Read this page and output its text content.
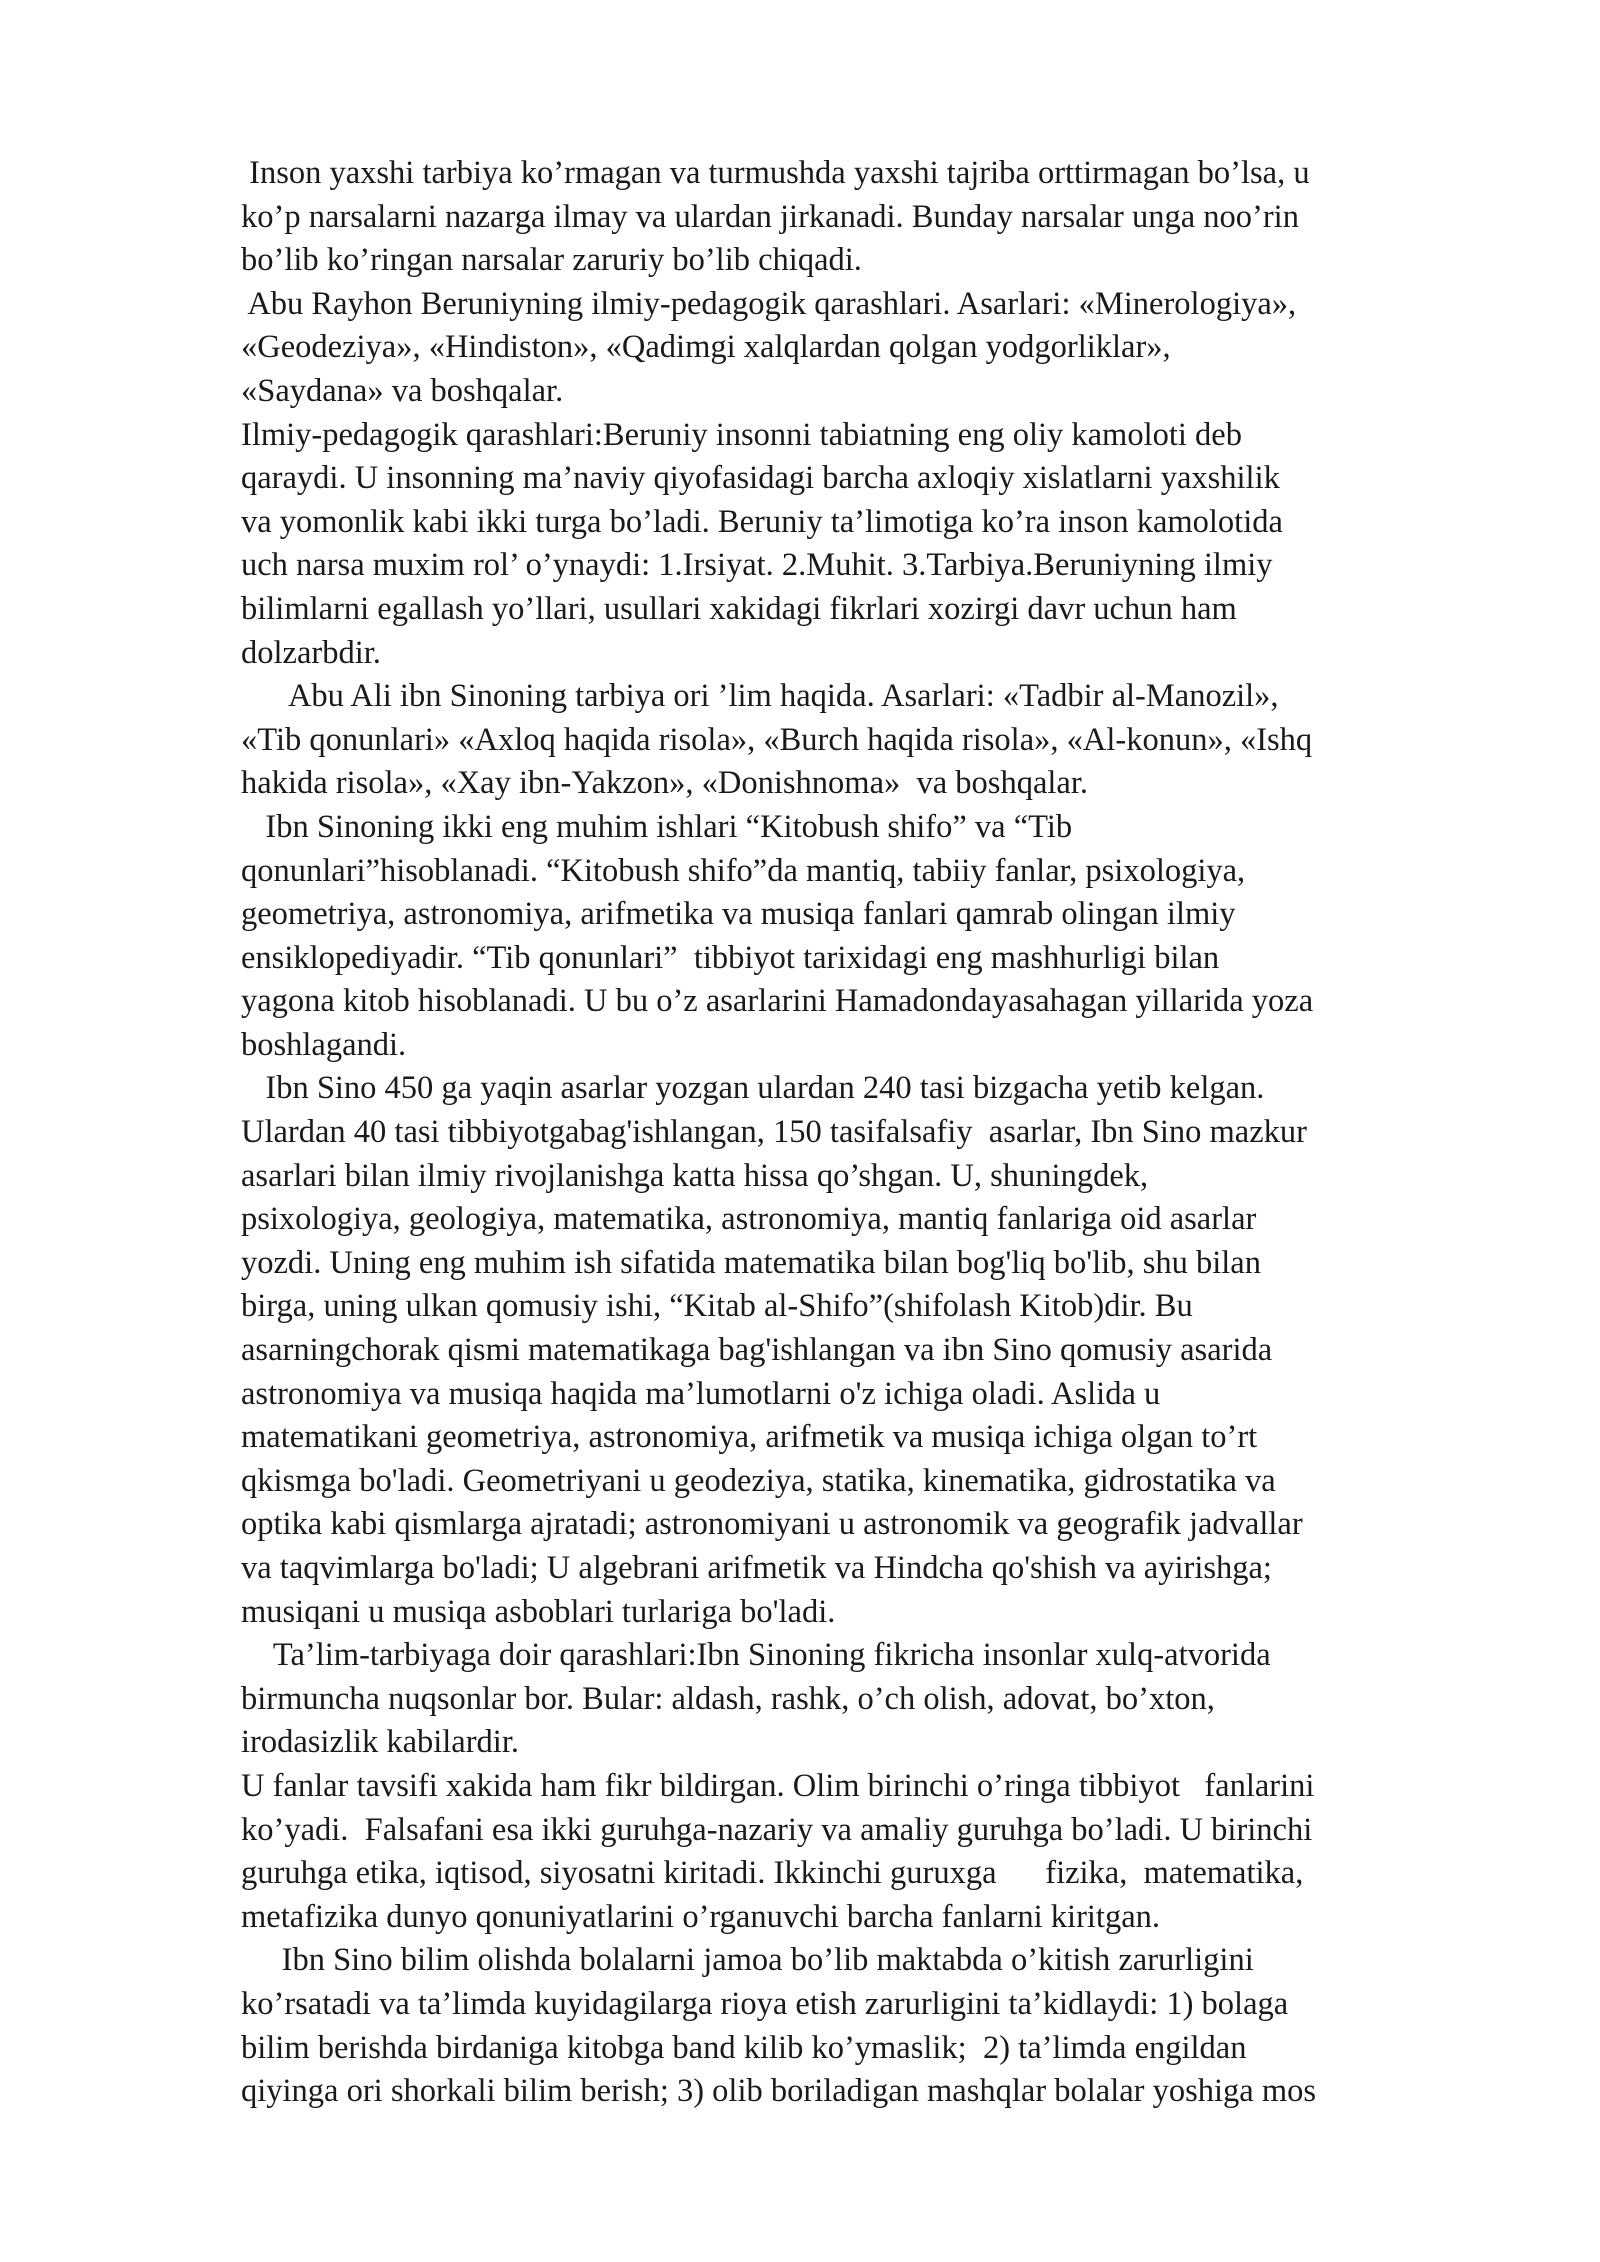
Inson yaxshi tarbiya ko’rmagan va turmushda yaxshi tajriba orttirmagan bo’lsa, u
ko’p narsalarni nazarga ilmay va ulardan jirkanadi. Bunday narsalar unga noo’rin
bo’lib ko’ringan narsalar zaruriy bo’lib chiqadi.
Abu Rayhon Beruniyning ilmiy-pedagogik qarashlari. Asarlari: «Minerologiya»,
«Geodeziya», «Hindiston», «Qadimgi xalqlardan qolgan yodgorliklar»,
«Saydana» va boshqalar.
Ilmiy-pedagogik qarashlari:Beruniy insonni tabiatning eng oliy kamoloti deb
qaraydi. U insonning ma’naviy qiyofasidagi barcha axloqiy xislatlarni yaxshilik
va yomonlik kabi ikki turga bo’ladi. Beruniy ta’limotiga ko’ra inson kamolotida
uch narsa muxim rol’ o’ynaydi: 1.Irsiyat. 2.Muhit. 3.Tarbiya.Beruniyning ilmiy
bilimlarni egallash yo’llari, usullari xakidagi fikrlari xozirgi davr uchun ham
dolzarbdir.
Abu Ali ibn Sinoning tarbiya ori ’lim haqida. Asarlari: «Tadbir al-Manozil»,
«Tib qonunlari» «Axloq haqida risola», «Burch haqida risola», «Al-konun», «Ishq
hakida risola», «Xay ibn-Yakzon», «Donishnoma»  va boshqalar.
Ibn Sinoning ikki eng muhim ishlari “Kitobush shifo” va “Tib
qonunlari”hisoblanadi. “Kitobush shifo”da mantiq, tabiiy fanlar, psixologiya,
geometriya, astronomiya, arifmetika va musiqa fanlari qamrab olingan ilmiy
ensiklopediyadir. “Tib qonunlari”  tibbiyot tarixidagi eng mashhurligi bilan
yagona kitob hisoblanadi. U bu o’z asarlarini Hamadondayasahagan yillarida yoza
boshlagandi.
Ibn Sino 450 ga yaqin asarlar yozgan ulardan 240 tasi bizgacha yetib kelgan.
Ulardan 40 tasi tibbiyotgabag'ishlangan, 150 tasifalsafiy  asarlar, Ibn Sino mazkur
asarlari bilan ilmiy rivojlanishga katta hissa qo’shgan. U, shuningdek,
psixologiya, geologiya, matematika, astronomiya, mantiq fanlariga oid asarlar
yozdi. Uning eng muhim ish sifatida matematika bilan bog'liq bo'lib, shu bilan
birga, uning ulkan qomusiy ishi, “Kitab al-Shifo”(shifolash Kitob)dir. Bu
asarningchorak qismi matematikaga bag'ishlangan va ibn Sino qomusiy asarida
astronomiya va musiqa haqida ma’lumotlarni o'z ichiga oladi. Aslida u
matematikani geometriya, astronomiya, arifmetik va musiqa ichiga olgan to’rt
qkismga bo'ladi. Geometriyani u geodeziya, statika, kinematika, gidrostatika va
optika kabi qismlarga ajratadi; astronomiyani u astronomik va geografik jadvallar
va taqvimlarga bo'ladi; U algebrani arifmetik va Hindcha qo'shish va ayirishga;
musiqani u musiqa asboblari turlariga bo'ladi.
Ta’lim-tarbiyaga doir qarashlari:Ibn Sinoning fikricha insonlar xulq-atvorida
birmuncha nuqsonlar bor. Bular: aldash, rashk, o’ch olish, adovat, bo’xton,
irodasizlik kabilardir.
U fanlar tavsifi xakida ham fikr bildirgan. Olim birinchi o’ringa tibbiyot   fanlarini
ko’yadi.  Falsafani esa ikki guruhga-nazariy va amaliy guruhga bo’ladi. U birinchi
guruhga etika, iqtisod, siyosatni kiritadi. Ikkinchi guruxga      fizika,  matematika,
metafizika dunyo qonuniyatlarini o’rganuvchi barcha fanlarni kiritgan.
Ibn Sino bilim olishda bolalarni jamoa bo’lib maktabda o’kitish zarurligini
ko’rsatadi va ta’limda kuyidagilarga rioya etish zarurligini ta’kidlaydi: 1) bolaga
bilim berishda birdaniga kitobga band kilib ko’ymaslik;  2) ta’limda engildan
qiyinga ori shorkali bilim berish; 3) olib boriladigan mashqlar bolalar yoshiga mos
